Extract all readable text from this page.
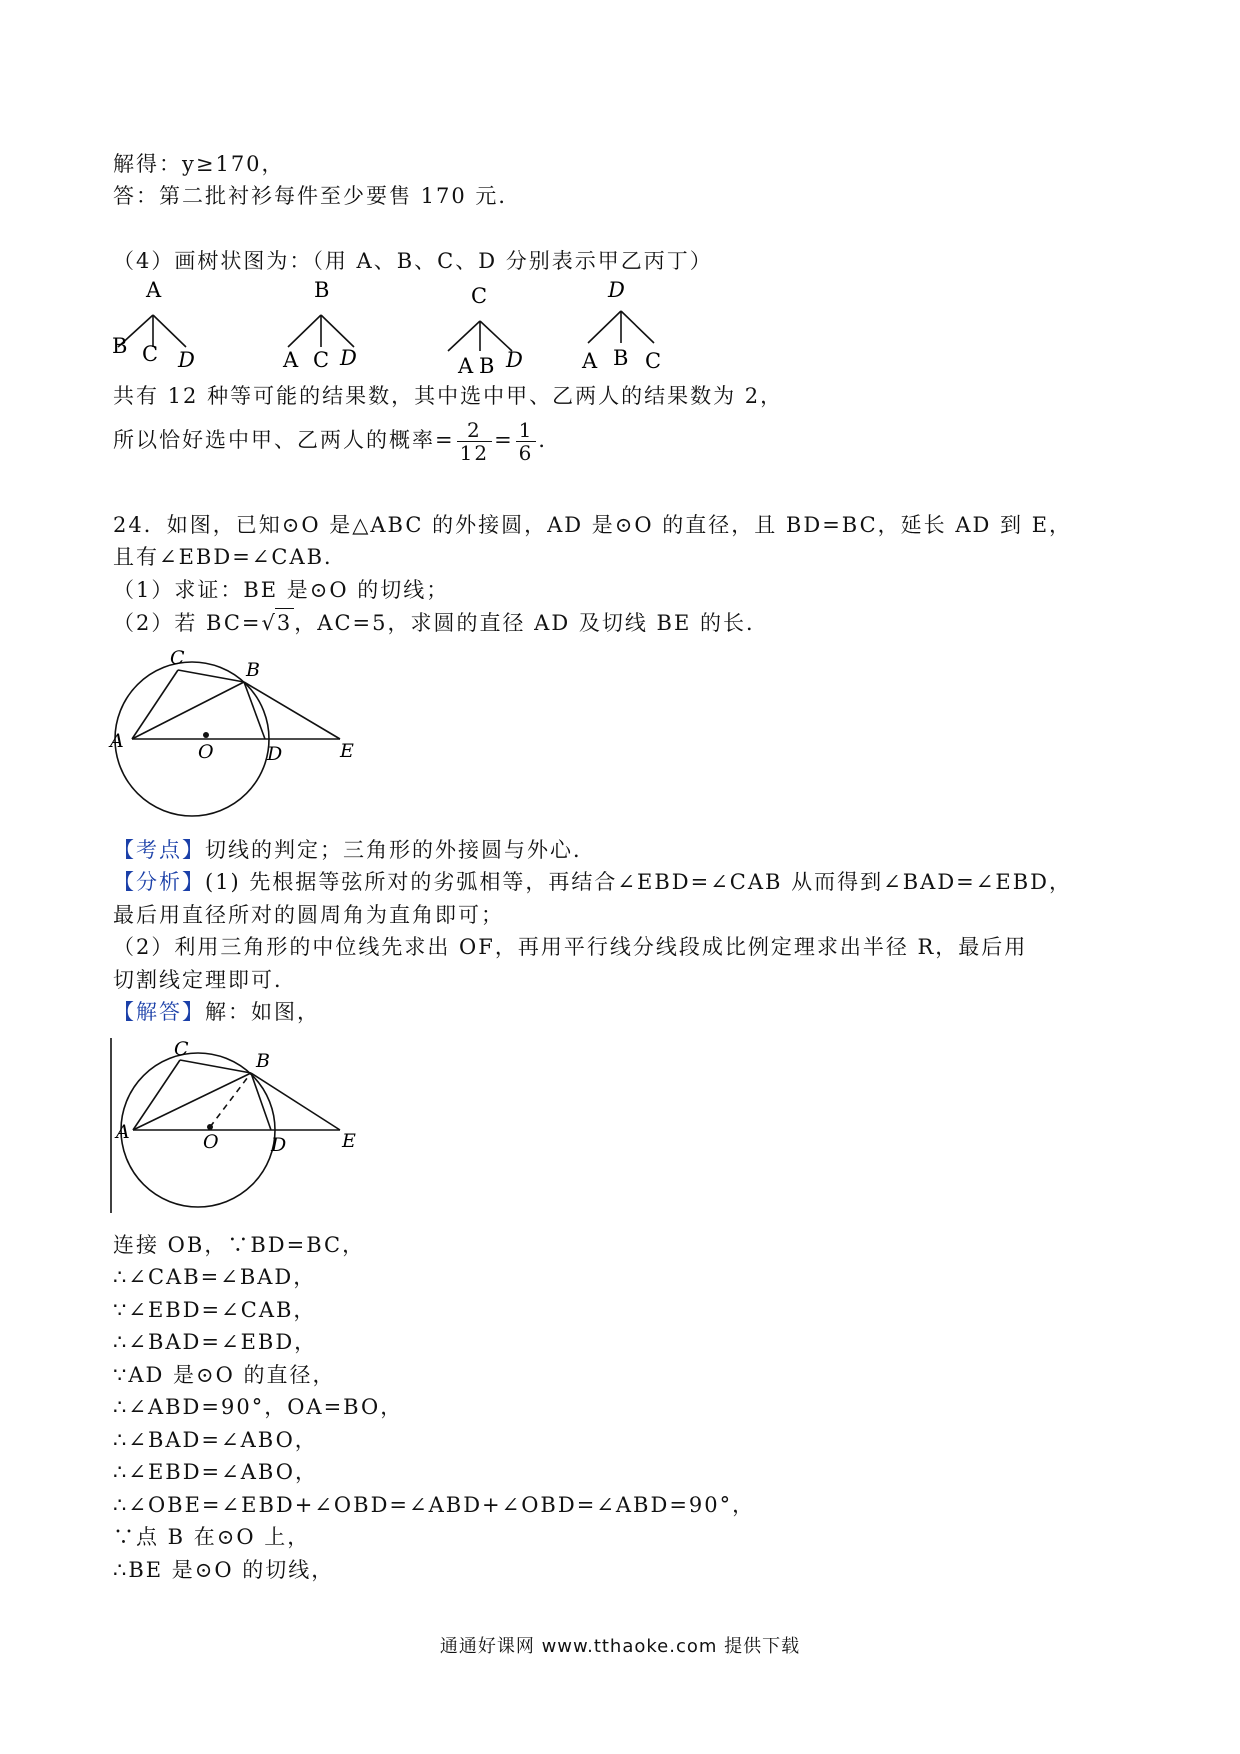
解得：y≥170，
答：第二批衬衫每件至少要售 170 元．
（4）画树状图为：（用 A、B、C、D 分别表示甲乙丙丁）
A
B C D
B
A C D
C
A B D
D
A B C
共有 12 种等可能的结果数，其中选中甲、乙两人的结果数为 2，
所以恰好选中甲、乙两人的概率= $\frac{2}{12} = \frac{1}{6}$ ．
24．如图，已知⊙O 是△ABC 的外接圆，AD 是⊙O 的直径，且 BD=BC，延长 AD 到 E，
且有∠EBD=∠CAB．
（1）求证：BE 是⊙O 的切线；
（2）若 BC=√3，AC=5，求圆的直径 AD 及切线 BE 的长．
C
B
A	O	D	E
【考点】切线的判定；三角形的外接圆与外心．
【分析】(1) 先根据等弦所对的劣弧相等，再结合∠EBD=∠CAB 从而得到∠BAD=∠EBD，
最后用直径所对的圆周角为直角即可；
（2）利用三角形的中位线先求出 OF，再用平行线分线段成比例定理求出半径 R，最后用
切割线定理即可．
【解答】解：如图，
C
B
A	O	D	E
连接 OB，∵BD=BC，
∴∠CAB=∠BAD，
∵∠EBD=∠CAB，
∴∠BAD=∠EBD，
∵AD 是⊙O 的直径，
∴∠ABD=90°，OA=BO，
∴∠BAD=∠ABO，
∴∠EBD=∠ABO，
∴∠OBE=∠EBD+∠OBD=∠ABD+∠OBD=∠ABD=90°，
∵点 B 在⊙O 上，
∴BE 是⊙O 的切线，
通通好课网 www.tthaoke.com 提供下载
